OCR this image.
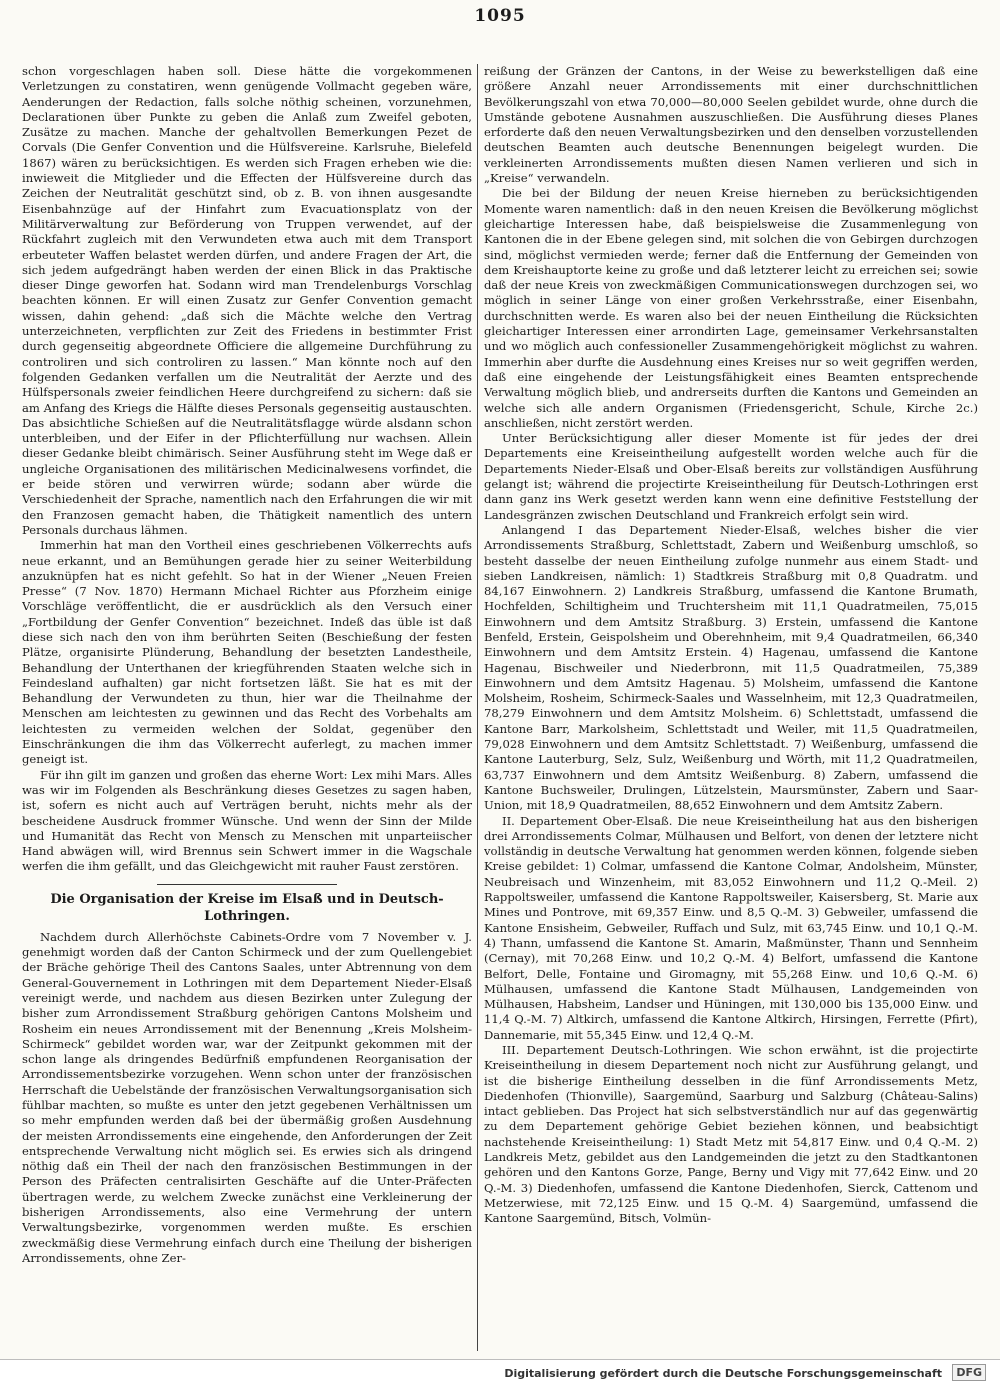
1095

schon vorgeschlagen haben soll. Diese hätte die vorgekommenen Verletzungen zu constatiren, wenn genügende Vollmacht gegeben wäre, Aenderungen der Redaction, falls solche nöthig scheinen, vorzunehmen, Declarationen über Punkte zu geben die Anlaß zum Zweifel geboten, Zusätze zu machen. Manche der gehaltvollen Bemerkungen Pezet de Corvals (Die Genfer Convention und die Hülfsvereine. Karlsruhe, Bielefeld 1867) wären zu berücksichtigen. Es werden sich Fragen erheben wie die: inwieweit die Mitglieder und die Effecten der Hülfsvereine durch das Zeichen der Neutralität geschützt sind, ob z. B. von ihnen ausgesandte Eisenbahnzüge auf der Hinfahrt zum Evacuationsplatz von der Militärverwaltung zur Beförderung von Truppen verwendet, auf der Rückfahrt zugleich mit den Verwundeten etwa auch mit dem Transport erbeuteter Waffen belastet werden dürfen, und andere Fragen der Art, die sich jedem aufgedrängt haben werden der einen Blick in das Praktische dieser Dinge geworfen hat. Sodann wird man Trendelenburgs Vorschlag beachten können. Er will einen Zusatz zur Genfer Convention gemacht wissen, dahin gehend: „daß sich die Mächte welche den Vertrag unterzeichneten, verpflichten zur Zeit des Friedens in bestimmter Frist durch gegenseitig abgeordnete Officiere die allgemeine Durchführung zu controliren und sich controliren zu lassen.“ Man könnte noch auf den folgenden Gedanken verfallen um die Neutralität der Aerzte und des Hülfspersonals zweier feindlichen Heere durchgreifend zu sichern: daß sie am Anfang des Kriegs die Hälfte dieses Personals gegenseitig austauschten. Das absichtliche Schießen auf die Neutralitätsflagge würde alsdann schon unterbleiben, und der Eifer in der Pflichterfüllung nur wachsen. Allein dieser Gedanke bleibt chimärisch. Seiner Ausführung steht im Wege daß er ungleiche Organisationen des militärischen Medicinalwesens vorfindet, die er beide stören und verwirren würde; sodann aber würde die Verschiedenheit der Sprache, namentlich nach den Erfahrungen die wir mit den Franzosen gemacht haben, die Thätigkeit namentlich des untern Personals durchaus lähmen.

Immerhin hat man den Vortheil eines geschriebenen Völkerrechts aufs neue erkannt, und an Bemühungen gerade hier zu seiner Weiterbildung anzuknüpfen hat es nicht gefehlt. So hat in der Wiener „Neuen Freien Presse“ (7 Nov. 1870) Hermann Michael Richter aus Pforzheim einige Vorschläge veröffentlicht, die er ausdrücklich als den Versuch einer „Fortbildung der Genfer Convention“ bezeichnet. Indeß das üble ist daß diese sich nach den von ihm berührten Seiten (Beschießung der festen Plätze, organisirte Plünderung, Behandlung der besetzten Landestheile, Behandlung der Unterthanen der kriegführenden Staaten welche sich in Feindesland aufhalten) gar nicht fortsetzen läßt. Sie hat es mit der Behandlung der Verwundeten zu thun, hier war die Theilnahme der Menschen am leichtesten zu gewinnen und das Recht des Vorbehalts am leichtesten zu vermeiden welchen der Soldat, gegenüber den Einschränkungen die ihm das Völkerrecht auferlegt, zu machen immer geneigt ist.

Für ihn gilt im ganzen und großen das eherne Wort: Lex mihi Mars. Alles was wir im Folgenden als Beschränkung dieses Gesetzes zu sagen haben, ist, sofern es nicht auch auf Verträgen beruht, nichts mehr als der bescheidene Ausdruck frommer Wünsche. Und wenn der Sinn der Milde und Humanität das Recht von Mensch zu Menschen mit unparteiischer Hand abwägen will, wird Brennus sein Schwert immer in die Wagschale werfen die ihm gefällt, und das Gleichgewicht mit rauher Faust zerstören.

Die Organisation der Kreise im Elsaß und in Deutsch-Lothringen.

Nachdem durch Allerhöchste Cabinets-Ordre vom 7 November v. J. genehmigt worden daß der Canton Schirmeck und der zum Quellengebiet der Bräche gehörige Theil des Cantons Saales, unter Abtrennung von dem General-Gouvernement in Lothringen mit dem Departement Nieder-Elsaß vereinigt werde, und nachdem aus diesen Bezirken unter Zulegung der bisher zum Arrondissement Straßburg gehörigen Cantons Molsheim und Rosheim ein neues Arrondissement mit der Benennung „Kreis Molsheim-Schirmeck“ gebildet worden war, war der Zeitpunkt gekommen mit der schon lange als dringendes Bedürfniß empfundenen Reorganisation der Arrondissementsbezirke vorzugehen. Wenn schon unter der französischen Herrschaft die Uebelstände der französischen Verwaltungsorganisation sich fühlbar machten, so mußte es unter den jetzt gegebenen Verhältnissen um so mehr empfunden werden daß bei der übermäßig großen Ausdehnung der meisten Arrondissements eine eingehende, den Anforderungen der Zeit entsprechende Verwaltung nicht möglich sei. Es erwies sich als dringend nöthig daß ein Theil der nach den französischen Bestimmungen in der Person des Präfecten centralisirten Geschäfte auf die Unter-Präfecten übertragen werde, zu welchem Zwecke zunächst eine Verkleinerung der bisherigen Arrondissements, also eine Vermehrung der untern Verwaltungsbezirke, vorgenommen werden mußte. Es erschien zweckmäßig diese Vermehrung einfach durch eine Theilung der bisherigen Arrondissements, ohne Zer-

reißung der Gränzen der Cantons, in der Weise zu bewerkstelligen daß eine größere Anzahl neuer Arrondissements mit einer durchschnittlichen Bevölkerungszahl von etwa 70,000—80,000 Seelen gebildet wurde, ohne durch die Umstände gebotene Ausnahmen auszuschließen. Die Ausführung dieses Planes erforderte daß den neuen Verwaltungsbezirken und den denselben vorzustellenden deutschen Beamten auch deutsche Benennungen beigelegt wurden. Die verkleinerten Arrondissements mußten diesen Namen verlieren und sich in „Kreise“ verwandeln.

Die bei der Bildung der neuen Kreise hierneben zu berücksichtigenden Momente waren namentlich: daß in den neuen Kreisen die Bevölkerung möglichst gleichartige Interessen habe, daß beispielsweise die Zusammenlegung von Kantonen die in der Ebene gelegen sind, mit solchen die von Gebirgen durchzogen sind, möglichst vermieden werde; ferner daß die Entfernung der Gemeinden von dem Kreishauptorte keine zu große und daß letzterer leicht zu erreichen sei; sowie daß der neue Kreis von zweckmäßigen Communicationswegen durchzogen sei, wo möglich in seiner Länge von einer großen Verkehrsstraße, einer Eisenbahn, durchschnitten werde. Es waren also bei der neuen Eintheilung die Rücksichten gleichartiger Interessen einer arrondirten Lage, gemeinsamer Verkehrsanstalten und wo möglich auch confessioneller Zusammengehörigkeit möglichst zu wahren. Immerhin aber durfte die Ausdehnung eines Kreises nur so weit gegriffen werden, daß eine eingehende der Leistungsfähigkeit eines Beamten entsprechende Verwaltung möglich blieb, und andrerseits durften die Kantons und Gemeinden an welche sich alle andern Organismen (Friedensgericht, Schule, Kirche 2c.) anschließen, nicht zerstört werden.

Unter Berücksichtigung aller dieser Momente ist für jedes der drei Departements eine Kreiseintheilung aufgestellt worden welche auch für die Departements Nieder-Elsaß und Ober-Elsaß bereits zur vollständigen Ausführung gelangt ist; während die projectirte Kreiseintheilung für Deutsch-Lothringen erst dann ganz ins Werk gesetzt werden kann wenn eine definitive Feststellung der Landesgränzen zwischen Deutschland und Frankreich erfolgt sein wird.

Anlangend I das Departement Nieder-Elsaß, welches bisher die vier Arrondissements Straßburg, Schlettstadt, Zabern und Weißenburg umschloß, so besteht dasselbe der neuen Eintheilung zufolge nunmehr aus einem Stadt- und sieben Landkreisen, nämlich: 1) Stadtkreis Straßburg mit 0,8 Quadratm. und 84,167 Einwohnern. 2) Landkreis Straßburg, umfassend die Kantone Brumath, Hochfelden, Schiltigheim und Truchtersheim mit 11,1 Quadratmeilen, 75,015 Einwohnern und dem Amtsitz Straßburg. 3) Erstein, umfassend die Kantone Benfeld, Erstein, Geispolsheim und Oberehnheim, mit 9,4 Quadratmeilen, 66,340 Einwohnern und dem Amtsitz Erstein. 4) Hagenau, umfassend die Kantone Hagenau, Bischweiler und Niederbronn, mit 11,5 Quadratmeilen, 75,389 Einwohnern und dem Amtsitz Hagenau. 5) Molsheim, umfassend die Kantone Molsheim, Rosheim, Schirmeck-Saales und Wasselnheim, mit 12,3 Quadratmeilen, 78,279 Einwohnern und dem Amtsitz Molsheim. 6) Schlettstadt, umfassend die Kantone Barr, Markolsheim, Schlettstadt und Weiler, mit 11,5 Quadratmeilen, 79,028 Einwohnern und dem Amtsitz Schlettstadt. 7) Weißenburg, umfassend die Kantone Lauterburg, Selz, Sulz, Weißenburg und Wörth, mit 11,2 Quadratmeilen, 63,737 Einwohnern und dem Amtsitz Weißenburg. 8) Zabern, umfassend die Kantone Buchsweiler, Drulingen, Lützelstein, Maursmünster, Zabern und Saar-Union, mit 18,9 Quadratmeilen, 88,652 Einwohnern und dem Amtsitz Zabern.

II. Departement Ober-Elsaß. Die neue Kreiseintheilung hat aus den bisherigen drei Arrondissements Colmar, Mülhausen und Belfort, von denen der letztere nicht vollständig in deutsche Verwaltung hat genommen werden können, folgende sieben Kreise gebildet: 1) Colmar, umfassend die Kantone Colmar, Andolsheim, Münster, Neubreisach und Winzenheim, mit 83,052 Einwohnern und 11,2 Q.-Meil. 2) Rappoltsweiler, umfassend die Kantone Rappoltsweiler, Kaisersberg, St. Marie aux Mines und Pontrove, mit 69,357 Einw. und 8,5 Q.-M. 3) Gebweiler, umfassend die Kantone Ensisheim, Gebweiler, Ruffach und Sulz, mit 63,745 Einw. und 10,1 Q.-M. 4) Thann, umfassend die Kantone St. Amarin, Maßmünster, Thann und Sennheim (Cernay), mit 70,268 Einw. und 10,2 Q.-M. 4) Belfort, umfassend die Kantone Belfort, Delle, Fontaine und Giromagny, mit 55,268 Einw. und 10,6 Q.-M. 6) Mülhausen, umfassend die Kantone Stadt Mülhausen, Landgemeinden von Mülhausen, Habsheim, Landser und Hüningen, mit 130,000 bis 135,000 Einw. und 11,4 Q.-M. 7) Altkirch, umfassend die Kantone Altkirch, Hirsingen, Ferrette (Pfirt), Dannemarie, mit 55,345 Einw. und 12,4 Q.-M.

III. Departement Deutsch-Lothringen. Wie schon erwähnt, ist die projectirte Kreiseintheilung in diesem Departement noch nicht zur Ausführung gelangt, und ist die bisherige Eintheilung desselben in die fünf Arrondissements Metz, Diedenhofen (Thionville), Saargemünd, Saarburg und Salzburg (Château-Salins) intact geblieben. Das Project hat sich selbstverständlich nur auf das gegenwärtig zu dem Departement gehörige Gebiet beziehen können, und beabsichtigt nachstehende Kreiseintheilung: 1) Stadt Metz mit 54,817 Einw. und 0,4 Q.-M. 2) Landkreis Metz, gebildet aus den Landgemeinden die jetzt zu den Stadtkantonen gehören und den Kantons Gorze, Pange, Berny und Vigy mit 77,642 Einw. und 20 Q.-M. 3) Diedenhofen, umfassend die Kantone Diedenhofen, Sierck, Cattenom und Metzerwiese, mit 72,125 Einw. und 15 Q.-M. 4) Saargemünd, umfassend die Kantone Saargemünd, Bitsch, Volmün-

Digitalisierung gefördert durch die Deutsche Forschungsgemeinschaft	DFG
